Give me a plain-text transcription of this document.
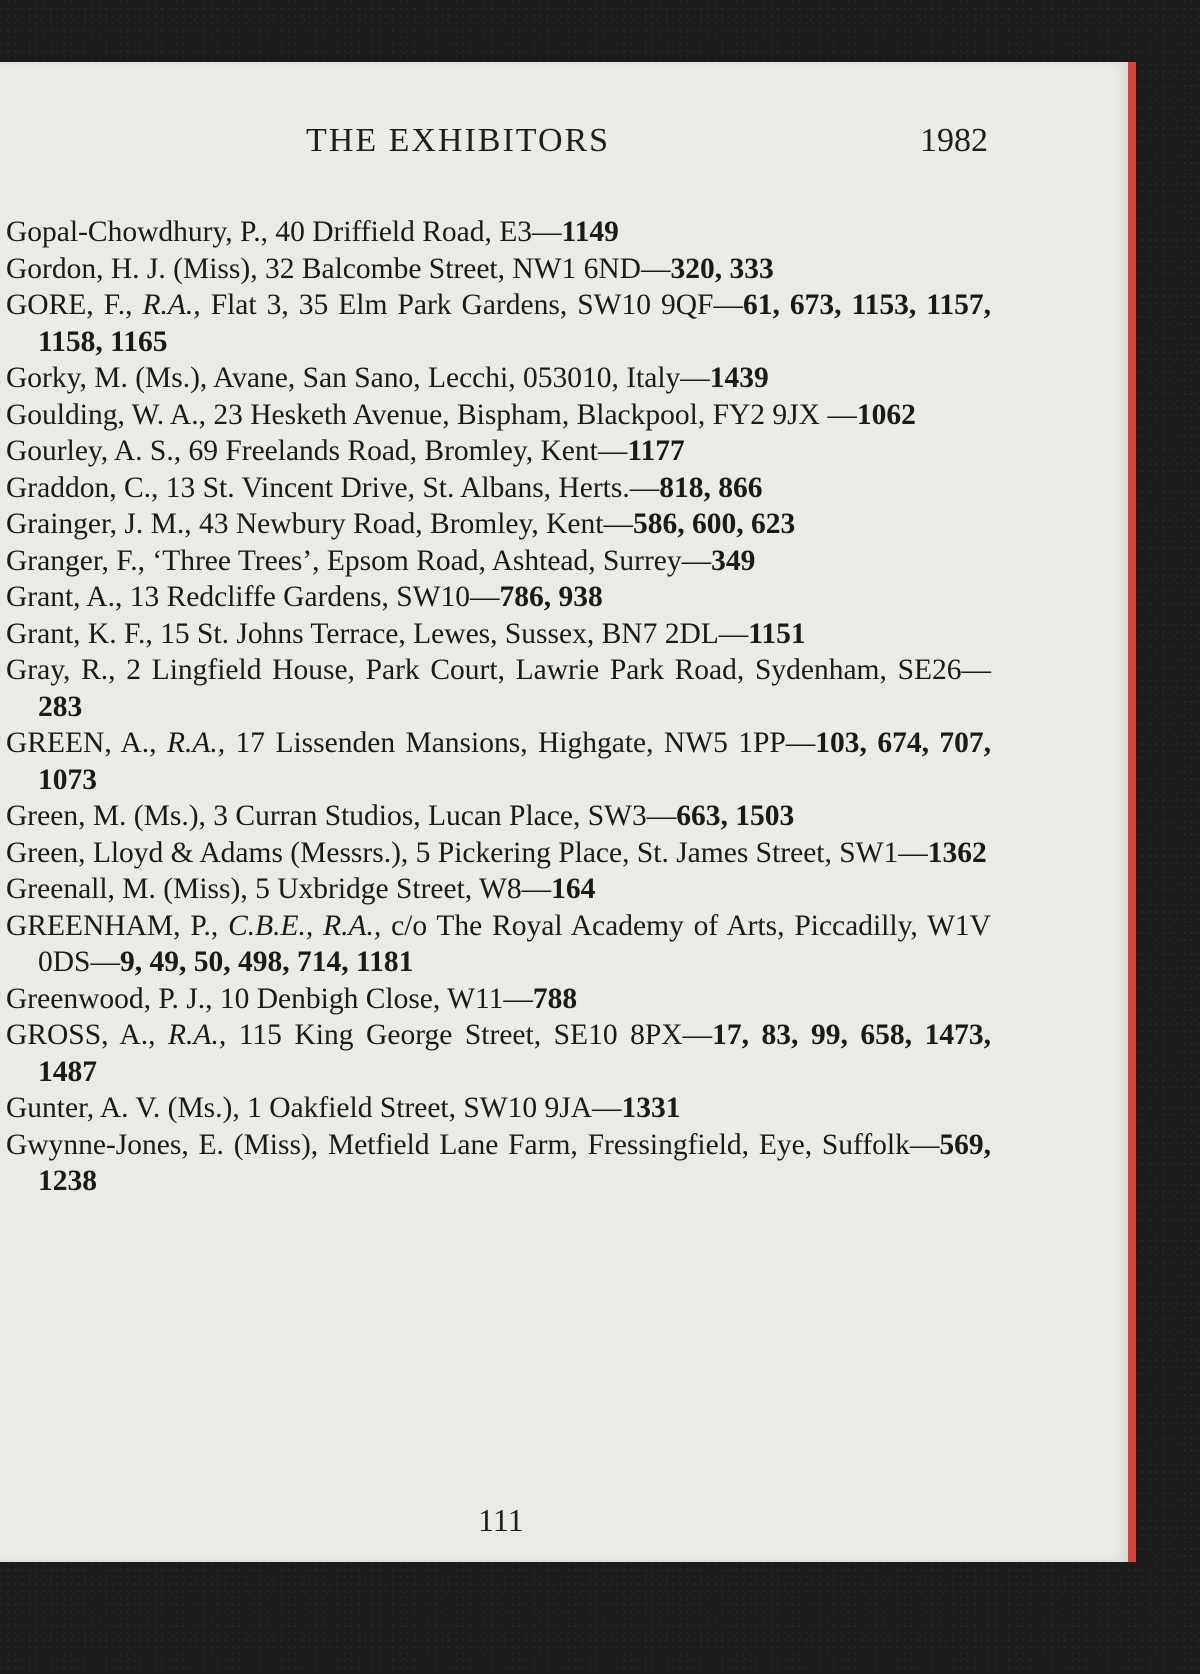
THE EXHIBITORS	1982

Gopal-Chowdhury, P., 40 Driffield Road, E3—1149

Gordon, H. J. (Miss), 32 Balcombe Street, NW1 6ND—320, 333

GORE, F., R.A., Flat 3, 35 Elm Park Gardens, SW10 9QF—61, 673, 1153, 1157, 1158, 1165

Gorky, M. (Ms.), Avane, San Sano, Lecchi, 053010, Italy—1439

Goulding, W. A., 23 Hesketh Avenue, Bispham, Blackpool, FY2 9JX —1062

Gourley, A. S., 69 Freelands Road, Bromley, Kent—1177

Graddon, C., 13 St. Vincent Drive, St. Albans, Herts.—818, 866

Grainger, J. M., 43 Newbury Road, Bromley, Kent—586, 600, 623

Granger, F., ‘Three Trees’, Epsom Road, Ashtead, Surrey—349

Grant, A., 13 Redcliffe Gardens, SW10—786, 938

Grant, K. F., 15 St. Johns Terrace, Lewes, Sussex, BN7 2DL—1151

Gray, R., 2 Lingfield House, Park Court, Lawrie Park Road, Sydenham, SE26—283

GREEN, A., R.A., 17 Lissenden Mansions, Highgate, NW5 1PP—103, 674, 707, 1073

Green, M. (Ms.), 3 Curran Studios, Lucan Place, SW3—663, 1503

Green, Lloyd & Adams (Messrs.), 5 Pickering Place, St. James Street, SW1—1362

Greenall, M. (Miss), 5 Uxbridge Street, W8—164

GREENHAM, P., C.B.E., R.A., c/o The Royal Academy of Arts, Piccadilly, W1V 0DS—9, 49, 50, 498, 714, 1181

Greenwood, P. J., 10 Denbigh Close, W11—788

GROSS, A., R.A., 115 King George Street, SE10 8PX—17, 83, 99, 658, 1473, 1487

Gunter, A. V. (Ms.), 1 Oakfield Street, SW10 9JA—1331

Gwynne-Jones, E. (Miss), Metfield Lane Farm, Fressingfield, Eye, Suffolk—569, 1238

111
